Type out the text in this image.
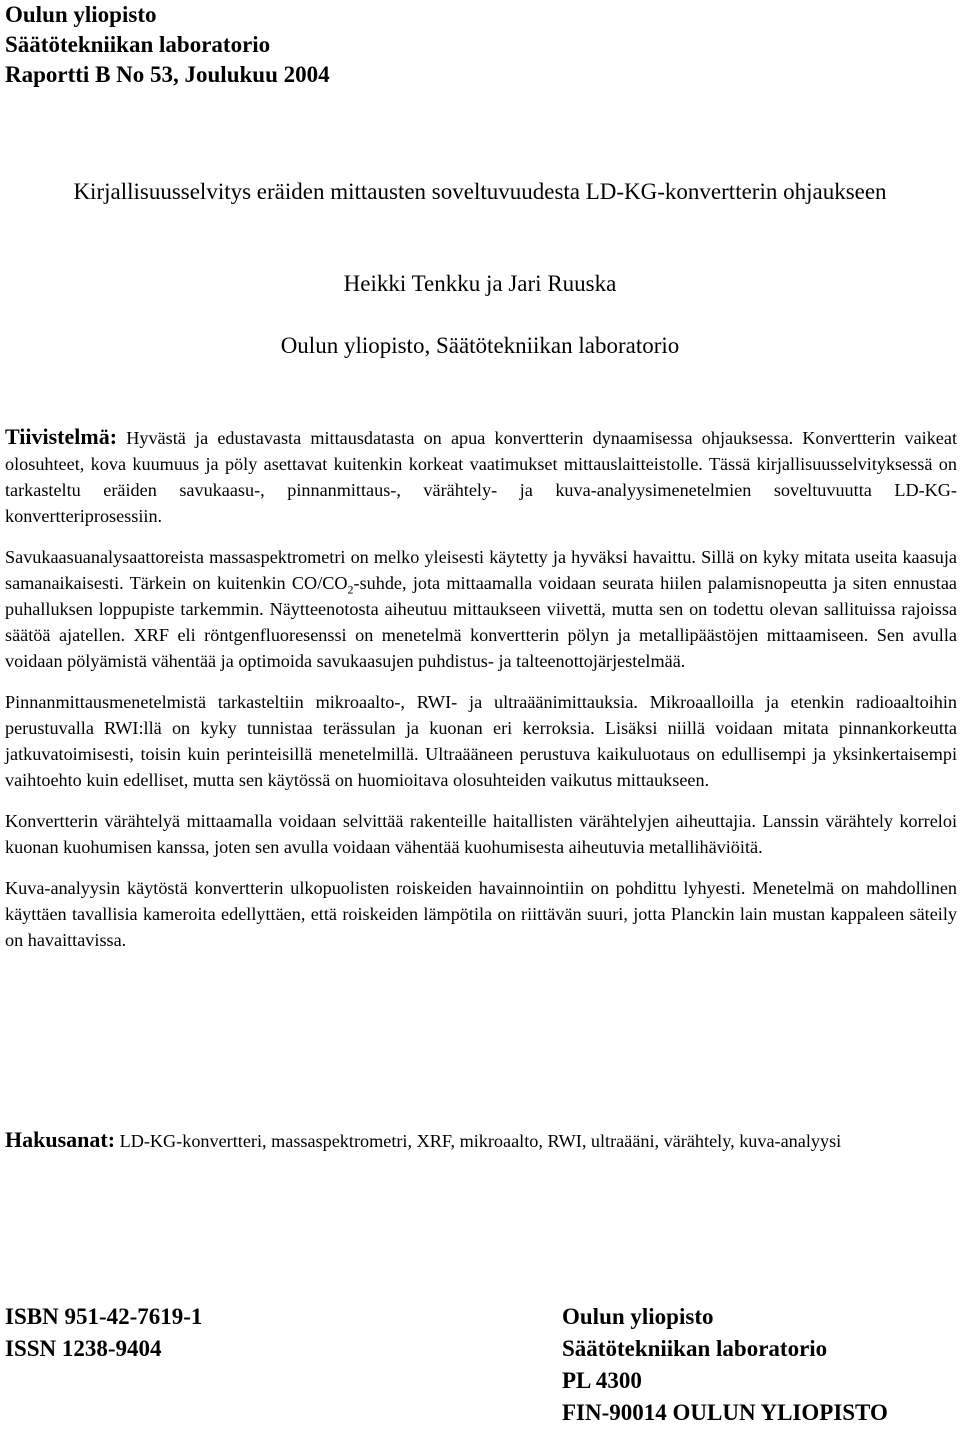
Oulun yliopisto
Säätötekniikan laboratorio
Raportti B No 53, Joulukuu 2004
Kirjallisuusselvitys eräiden mittausten soveltuvuudesta LD-KG-konvertterin ohjaukseen
Heikki Tenkku ja Jari Ruuska
Oulun yliopisto, Säätötekniikan laboratorio

Tiivistelmä: Hyvästä ja edustavasta mittausdatasta on apua konvertterin dynaamisessa ohjauksessa. Konvertterin vaikeat olosuhteet, kova kuumuus ja pöly asettavat kuitenkin korkeat vaatimukset mittauslaitteistolle. Tässä kirjallisuusselvityksessä on tarkasteltu eräiden savukaasu-, pinnanmittaus-, värähtely- ja kuva-analyysimenetelmien soveltuvuutta LD-KG-konvertteriprosessiin.

Savukaasuanalysaattoreista massaspektrometri on melko yleisesti käytetty ja hyväksi havaittu. Sillä on kyky mitata useita kaasuja samanaikaisesti. Tärkein on kuitenkin $CO/CO_2$-suhde, jota mittaamalla voidaan seurata hiilen palamisnopeutta ja siten ennustaa puhalluksen loppupiste tarkemmin. Näytteenotosta aiheutuu mittaukseen viivettä, mutta sen on todettu olevan sallituissa rajoissa säätöä ajatellen. XRF eli röntgenfluoresenssi on menetelmä konvertterin pölyn ja metallipäästöjen mittaamiseen. Sen avulla voidaan pölyämistä vähentää ja optimoida savukaasujen puhdistus- ja talteenottojärjestelmää.

Pinnanmittausmenetelmistä tarkasteltiin mikroaalto-, RWI- ja ultraäänimittauksia. Mikroaalloilla ja etenkin radioaaltoihin perustuvalla RWI:llä on kyky tunnistaa terässulan ja kuonan eri kerroksia. Lisäksi niillä voidaan mitata pinnankorkeutta jatkuvatoimisesti, toisin kuin perinteisillä menetelmillä. Ultraääneen perustuva kaikuluotaus on edullisempi ja yksinkertaisempi vaihtoehto kuin edelliset, mutta sen käytössä on huomioitava olosuhteiden vaikutus mittaukseen.

Konvertterin värähtelyä mittaamalla voidaan selvittää rakenteille haitallisten värähtelyjen aiheuttajia. Lanssin värähtely korreloi kuonan kuohumisen kanssa, joten sen avulla voidaan vähentää kuohumisesta aiheutuvia metallihäviöitä.

Kuva-analyysin käytöstä konvertterin ulkopuolisten roiskeiden havainnointiin on pohdittu lyhyesti. Menetelmä on mahdollinen käyttäen tavallisia kameroita edellyttäen, että roiskeiden lämpötila on riittävän suuri, jotta Planckin lain mustan kappaleen säteily on havaittavissa.

Hakusanat: LD-KG-konvertteri, massaspektrometri, XRF, mikroaalto, RWI, ultraääni, värähtely, kuva-analyysi
ISBN 951-42-7619-1
ISSN 1238-9404
Oulun yliopisto
Säätötekniikan laboratorio
PL 4300
FIN-90014 OULUN YLIOPISTO
